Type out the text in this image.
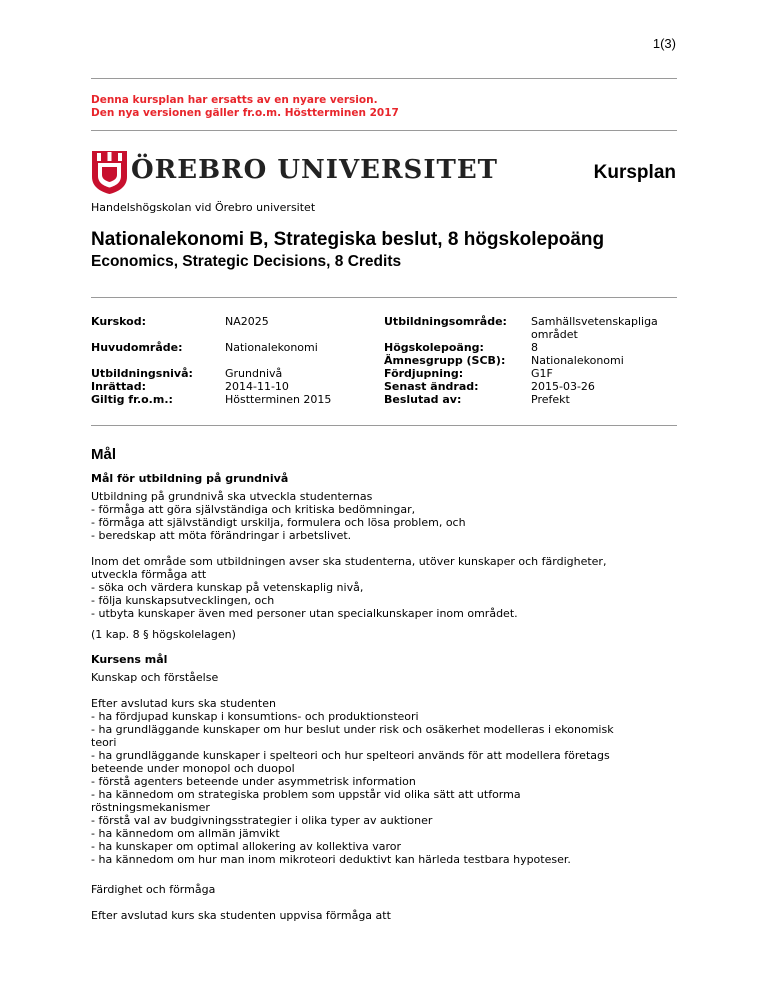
1(3)
Denna kursplan har ersatts av en nyare version.
Den nya versionen gäller fr.o.m. Höstterminen 2017
ÖREBRO UNIVERSITET	Kursplan
Handelshögskolan vid Örebro universitet
Nationalekonomi B, Strategiska beslut, 8 högskolepoäng
Economics, Strategic Decisions, 8 Credits
Kurskod:
Huvudområde:
Utbildningsnivå:
Inrättad:
Giltig fr.o.m.:
NA2025
Nationalekonomi
Grundnivå
2014-11-10
Höstterminen 2015
Utbildningsområde:
Högskolepoäng:
Ämnesgrupp (SCB):
Fördjupning:
Senast ändrad:
Beslutad av:
Samhällsvetenskapliga
området
8
Nationalekonomi
G1F
2015-03-26
Prefekt
Mål
Mål för utbildning på grundnivå
Utbildning på grundnivå ska utveckla studenternas
- förmåga att göra självständiga och kritiska bedömningar,
- förmåga att självständigt urskilja, formulera och lösa problem, och
- beredskap att möta förändringar i arbetslivet.
Inom det område som utbildningen avser ska studenterna, utöver kunskaper och färdigheter,
utveckla förmåga att
- söka och värdera kunskap på vetenskaplig nivå,
- följa kunskapsutvecklingen, och
- utbyta kunskaper även med personer utan specialkunskaper inom området.
(1 kap. 8 § högskolelagen)
Kursens mål
Kunskap och förståelse
Efter avslutad kurs ska studenten
- ha fördjupad kunskap i konsumtions- och produktionsteori
- ha grundläggande kunskaper om hur beslut under risk och osäkerhet modelleras i ekonomisk
teori
- ha grundläggande kunskaper i spelteori och hur spelteori används för att modellera företags
beteende under monopol och duopol
- förstå agenters beteende under asymmetrisk information
- ha kännedom om strategiska problem som uppstår vid olika sätt att utforma
röstningsmekanismer
- förstå val av budgivningsstrategier i olika typer av auktioner
- ha kännedom om allmän jämvikt
- ha kunskaper om optimal allokering av kollektiva varor
- ha kännedom om hur man inom mikroteori deduktivt kan härleda testbara hypoteser.
Färdighet och förmåga
Efter avslutad kurs ska studenten uppvisa förmåga att
